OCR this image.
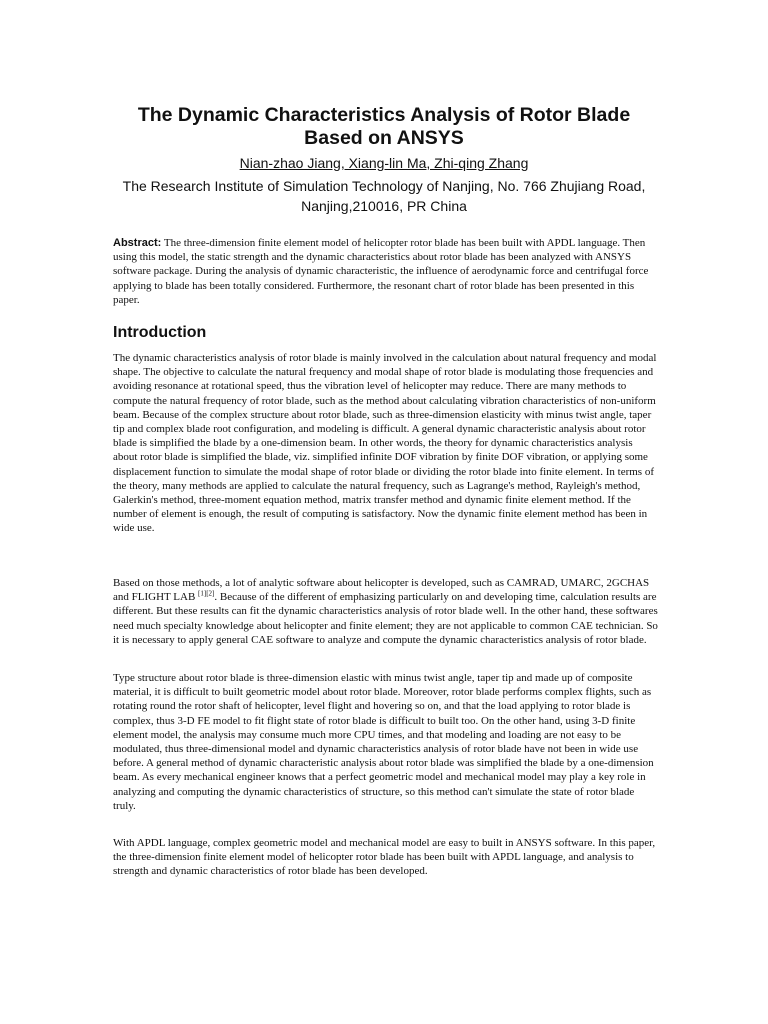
The Dynamic Characteristics Analysis of Rotor Blade Based on ANSYS
Nian-zhao Jiang, Xiang-lin Ma, Zhi-qing Zhang
The Research Institute of Simulation Technology of Nanjing, No. 766 Zhujiang Road, Nanjing,210016, PR China

Abstract: The three-dimension finite element model of helicopter rotor blade has been built with APDL language. Then using this model, the static strength and the dynamic characteristics about rotor blade has been analyzed with ANSYS software package. During the analysis of dynamic characteristic, the influence of aerodynamic force and centrifugal force applying to blade has been totally considered. Furthermore, the resonant chart of rotor blade has been presented in this paper.

Introduction

The dynamic characteristics analysis of rotor blade is mainly involved in the calculation about natural frequency and modal shape. The objective to calculate the natural frequency and modal shape of rotor blade is modulating those frequencies and avoiding resonance at rotational speed, thus the vibration level of helicopter may reduce. There are many methods to compute the natural frequency of rotor blade, such as the method about calculating vibration characteristics of non-uniform beam. Because of the complex structure about rotor blade, such as three-dimension elasticity with minus twist angle, taper tip and complex blade root configuration, and modeling is difficult. A general dynamic characteristic analysis about rotor blade is simplified the blade by a one-dimension beam. In other words, the theory for dynamic characteristics analysis about rotor blade is simplified the blade, viz. simplified infinite DOF vibration by finite DOF vibration, or applying some displacement function to simulate the modal shape of rotor blade or dividing the rotor blade into finite element. In terms of the theory, many methods are applied to calculate the natural frequency, such as Lagrange's method, Rayleigh's method, Galerkin's method, three-moment equation method, matrix transfer method and dynamic finite element method. If the number of element is enough, the result of computing is satisfactory. Now the dynamic finite element method has been in wide use.

Based on those methods, a lot of analytic software about helicopter is developed, such as CAMRAD, UMARC, 2GCHAS and FLIGHT LAB [1][2]. Because of the different of emphasizing particularly on and developing time, calculation results are different. But these results can fit the dynamic characteristics analysis of rotor blade well. In the other hand, these softwares need much specialty knowledge about helicopter and finite element; they are not applicable to common CAE technician. So it is necessary to apply general CAE software to analyze and compute the dynamic characteristics analysis of rotor blade.

Type structure about rotor blade is three-dimension elastic with minus twist angle, taper tip and made up of composite material, it is difficult to built geometric model about rotor blade. Moreover, rotor blade performs complex flights, such as rotating round the rotor shaft of helicopter, level flight and hovering so on, and that the load applying to rotor blade is complex, thus 3-D FE model to fit flight state of rotor blade is difficult to built too. On the other hand, using 3-D finite element model, the analysis may consume much more CPU times, and that modeling and loading are not easy to be modulated, thus three-dimensional model and dynamic characteristics analysis of rotor blade have not been in wide use before. A general method of dynamic characteristic analysis about rotor blade was simplified the blade by a one-dimension beam. As every mechanical engineer knows that a perfect geometric model and mechanical model may play a key role in analyzing and computing the dynamic characteristics of structure, so this method can't simulate the state of rotor blade truly.

With APDL language, complex geometric model and mechanical model are easy to built in ANSYS software. In this paper, the three-dimension finite element model of helicopter rotor blade has been built with APDL language, and analysis to strength and dynamic characteristics of rotor blade has been developed.
